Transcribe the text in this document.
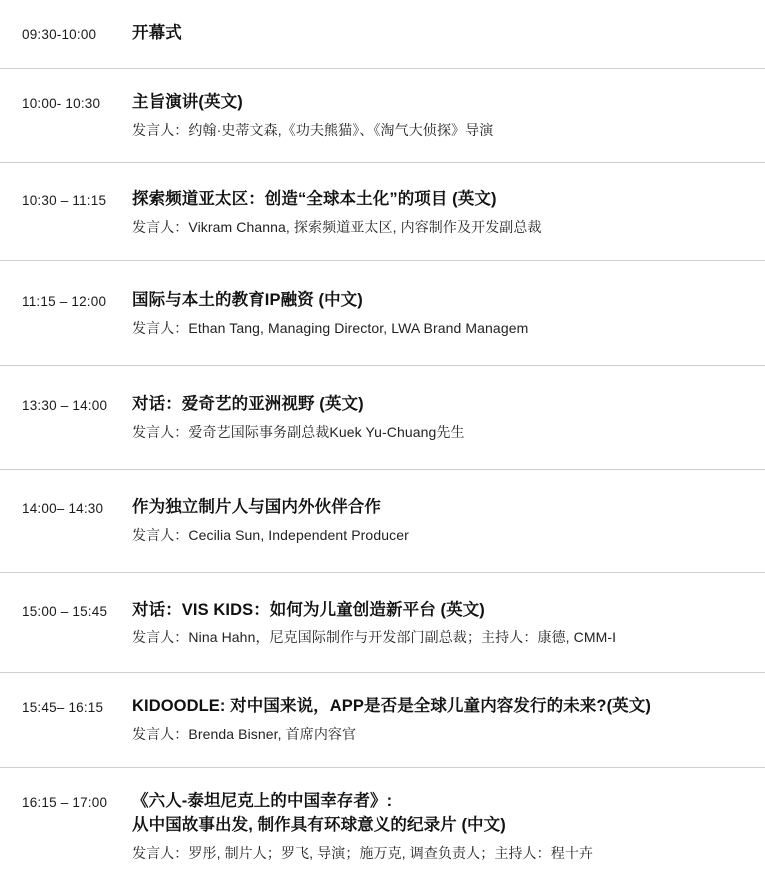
09:30-10:00	开幕式
10:00- 10:30	主旨演讲(英文)
发言人：约翰·史蒂文森,《功夫熊猫》、《淘气大侦探》导演
10:30 – 11:15	探索频道亚太区：创造“全球本土化”的项目 (英文)
发言人：Vikram Channa, 探索频道亚太区, 内容制作及开发副总裁
11:15 – 12:00	国际与本土的教育IP融资 (中文)
发言人：Ethan Tang, Managing Director, LWA Brand Managem
13:30 – 14:00	对话：爱奇艺的亚洲视野 (英文)
发言人：爱奇艺国际事务副总裁Kuek Yu-Chuang先生
14:00– 14:30	作为独立制片人与国内外伙伴合作
发言人：Cecilia Sun, Independent Producer
15:00 – 15:45	对话：VIS KIDS：如何为儿童创造新平台 (英文)
发言人：Nina Hahn，尼克国际制作与开发部门副总裁；主持人：康德, CMM-I
15:45– 16:15	KIDOODLE: 对中国来说，APP是否是全球儿童内容发行的未来?(英文)
发言人：Brenda Bisner, 首席内容官
16:15 – 17:00	《六人-泰坦尼克上的中国幸存者》:
从中国故事出发, 制作具有环球意义的纪录片 (中文)
发言人：罗彤, 制片人；罗飞, 导演；施万克, 调查负责人；主持人：程十卉
